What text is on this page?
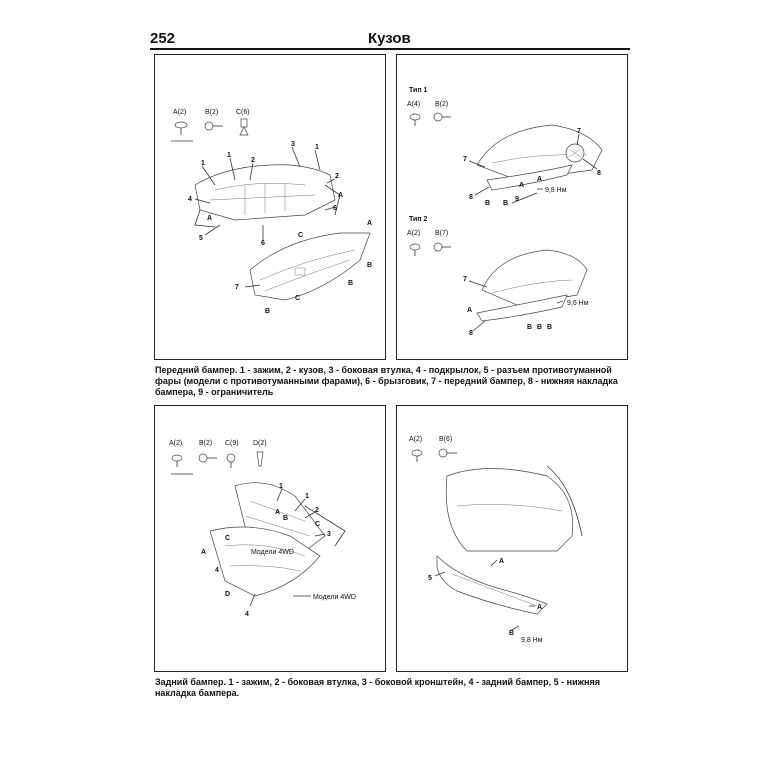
252	Кузов
A(2)	B(2)	C(6)
1
1
2
3	1
2
4
6
5
6
7
A
A
C
A
B
B
B
C
Тип 1
A(4) B(2)
7
7
8
8
9
B B
A
A
9,8 Нм
Тип 2
A(2) B(7)
7
8
A
B B B
9,6 Нм
Передний бампер. 1 - зажим, 2 - кузов, 3 - боковая втулка, 4 - подкрылок, 5 - разъем противотуманной фары (модели с противотуманными фарами), 6 - брызговик, 7 - передний бампер, 8 - нижняя накладка бампера, 9 - ограничитель
A(2) B(2) C(9) D(2)
1
1
2
3
A
A
B
C
C
D
4
4
Модели 4WD
Модели 4WD
A(2) B(6)
5
A
A
B
9,8 Нм
Задний бампер. 1 - зажим, 2 - боковая втулка, 3 - боковой кронштейн, 4 - задний бампер, 5 - нижняя накладка бампера.
